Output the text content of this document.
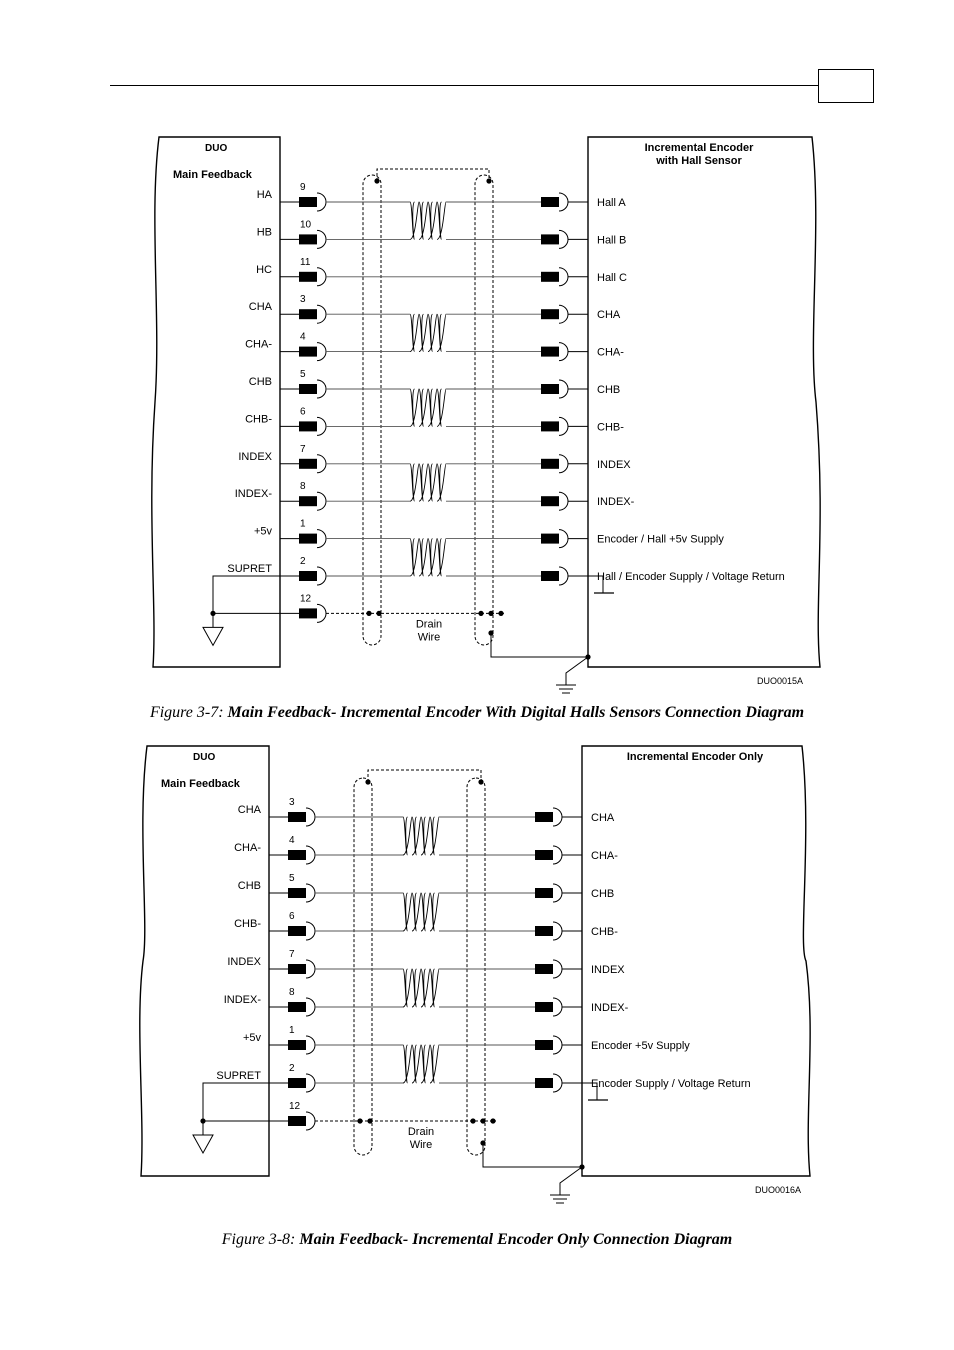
DUO
Main Feedback
Incremental Encoder
with Hall Sensor
DUO0015A
9
HA
Hall A
10
HB
Hall B
11
HC
Hall C
3
CHA
CHA
4
CHA-
CHA-
5
CHB
CHB
6
CHB-
CHB-
7
INDEX
INDEX
8
INDEX-
INDEX-
1
+5v
Encoder / Hall +5v Supply
2
SUPRET
Hall / Encoder Supply / Voltage Return
12
Drain
Wire
Figure 3-7: Main Feedback- Incremental Encoder With Digital Halls Sensors Connection Diagram
DUO
Main Feedback
Incremental Encoder Only
DUO0016A
3
CHA
CHA
4
CHA-
CHA-
5
CHB
CHB
6
CHB-
CHB-
7
INDEX
INDEX
8
INDEX-
INDEX-
1
+5v
Encoder +5v Supply
2
SUPRET
Encoder Supply / Voltage Return
12
Drain
Wire
Figure 3-8: Main Feedback- Incremental Encoder Only Connection Diagram
